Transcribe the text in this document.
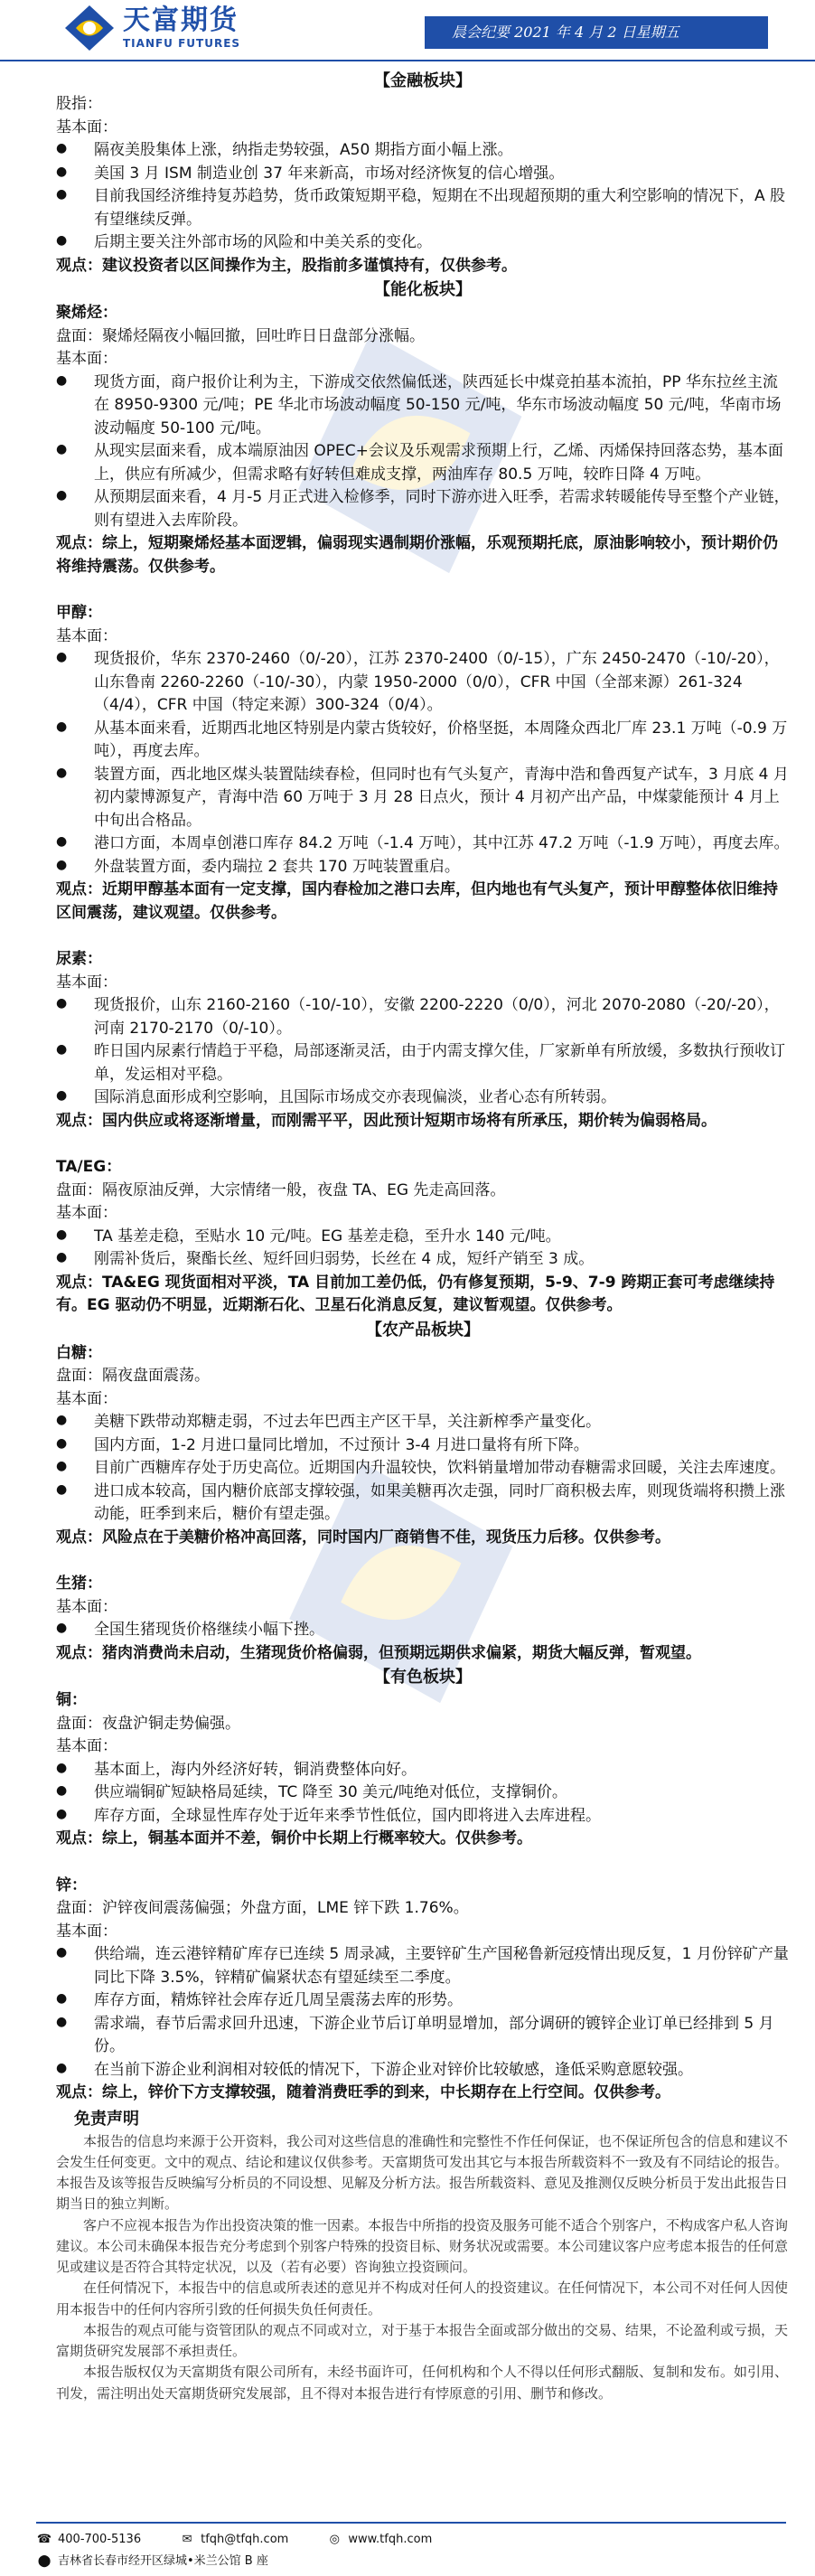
天富期货
TIANFU FUTURES
晨会纪要 2021 年 4 月 2 日星期五
【金融板块】
股指：
基本面：
● 隔夜美股集体上涨，纳指走势较强，A50 期指方面小幅上涨。
● 美国 3 月 ISM 制造业创 37 年来新高，市场对经济恢复的信心增强。
● 目前我国经济维持复苏趋势，货币政策短期平稳，短期在不出现超预期的重大利空影响的情况下，A 股有望继续反弹。
● 后期主要关注外部市场的风险和中美关系的变化。
观点：建议投资者以区间操作为主，股指前多谨慎持有，仅供参考。
【能化板块】
聚烯烃：
盘面：聚烯烃隔夜小幅回撤，回吐昨日日盘部分涨幅。
基本面：
● 现货方面，商户报价让利为主，下游成交依然偏低迷，陕西延长中煤竞拍基本流拍，PP 华东拉丝主流在 8950-9300 元/吨；PE 华北市场波动幅度 50-150 元/吨，华东市场波动幅度 50 元/吨，华南市场波动幅度 50-100 元/吨。
● 从现实层面来看，成本端原油因 OPEC+会议及乐观需求预期上行，乙烯、丙烯保持回落态势，基本面上，供应有所减少，但需求略有好转但难成支撑，两油库存 80.5 万吨，较昨日降 4 万吨。
● 从预期层面来看，4 月-5 月正式进入检修季，同时下游亦进入旺季，若需求转暖能传导至整个产业链，则有望进入去库阶段。
观点：综上，短期聚烯烃基本面逻辑，偏弱现实遇制期价涨幅，乐观预期托底，原油影响较小，预计期价仍将维持震荡。仅供参考。
甲醇：
基本面：
● 现货报价，华东 2370-2460（0/-20），江苏 2370-2400（0/-15），广东 2450-2470（-10/-20），山东鲁南 2260-2260（-10/-30），内蒙 1950-2000（0/0），CFR 中国（全部来源）261-324（4/4），CFR 中国（特定来源）300-324（0/4）。
● 从基本面来看，近期西北地区特别是内蒙古货较好，价格坚挺，本周隆众西北厂库 23.1 万吨（-0.9 万吨），再度去库。
● 装置方面，西北地区煤头装置陆续春检，但同时也有气头复产，青海中浩和鲁西复产试车，3 月底 4 月初内蒙博源复产，青海中浩 60 万吨于 3 月 28 日点火，预计 4 月初产出产品，中煤蒙能预计 4 月上中旬出合格品。
● 港口方面，本周卓创港口库存 84.2 万吨（-1.4 万吨），其中江苏 47.2 万吨（-1.9 万吨），再度去库。
● 外盘装置方面，委内瑞拉 2 套共 170 万吨装置重启。
观点：近期甲醇基本面有一定支撑，国内春检加之港口去库，但内地也有气头复产，预计甲醇整体依旧维持区间震荡，建议观望。仅供参考。
尿素：
基本面：
● 现货报价，山东 2160-2160（-10/-10），安徽 2200-2220（0/0），河北 2070-2080（-20/-20），河南 2170-2170（0/-10）。
● 昨日国内尿素行情趋于平稳，局部逐渐灵活，由于内需支撑欠佳，厂家新单有所放缓，多数执行预收订单，发运相对平稳。
● 国际消息面形成利空影响，且国际市场成交亦表现偏淡，业者心态有所转弱。
观点：国内供应或将逐渐增量，而刚需平平，因此预计短期市场将有所承压，期价转为偏弱格局。
TA/EG：
盘面：隔夜原油反弹，大宗情绪一般，夜盘 TA、EG 先走高回落。
基本面：
● TA 基差走稳，至贴水 10 元/吨。EG 基差走稳，至升水 140 元/吨。
● 刚需补货后，聚酯长丝、短纤回归弱势，长丝在 4 成，短纤产销至 3 成。
观点：TA&EG 现货面相对平淡，TA 目前加工差仍低，仍有修复预期，5-9、7-9 跨期正套可考虑继续持有。EG 驱动仍不明显，近期渐石化、卫星石化消息反复，建议暂观望。仅供参考。
【农产品板块】
白糖：
盘面：隔夜盘面震荡。
基本面：
● 美糖下跌带动郑糖走弱，不过去年巴西主产区干旱，关注新榨季产量变化。
● 国内方面，1-2 月进口量同比增加，不过预计 3-4 月进口量将有所下降。
● 目前广西糖库存处于历史高位。近期国内升温较快，饮料销量增加带动春糖需求回暖，关注去库速度。
● 进口成本较高，国内糖价底部支撑较强，如果美糖再次走强，同时厂商积极去库，则现货端将积攒上涨动能，旺季到来后，糖价有望走强。
观点：风险点在于美糖价格冲高回落，同时国内厂商销售不佳，现货压力后移。仅供参考。
生猪：
基本面：
● 全国生猪现货价格继续小幅下挫。
观点：猪肉消费尚未启动，生猪现货价格偏弱，但预期远期供求偏紧，期货大幅反弹，暂观望。
【有色板块】
铜：
盘面：夜盘沪铜走势偏强。
基本面：
● 基本面上，海内外经济好转，铜消费整体向好。
● 供应端铜矿短缺格局延续，TC 降至 30 美元/吨绝对低位，支撑铜价。
● 库存方面，全球显性库存处于近年来季节性低位，国内即将进入去库进程。
观点：综上，铜基本面并不差，铜价中长期上行概率较大。仅供参考。
锌：
盘面：沪锌夜间震荡偏强；外盘方面，LME 锌下跌 1.76%。
基本面：
● 供给端，连云港锌精矿库存已连续 5 周录减，主要锌矿生产国秘鲁新冠疫情出现反复，1 月份锌矿产量同比下降 3.5%，锌精矿偏紧状态有望延续至二季度。
● 库存方面，精炼锌社会库存近几周呈震荡去库的形势。
● 需求端，春节后需求回升迅速，下游企业节后订单明显增加，部分调研的镀锌企业订单已经排到 5 月份。
● 在当前下游企业利润相对较低的情况下，下游企业对锌价比较敏感，逢低采购意愿较强。
观点：综上，锌价下方支撑较强，随着消费旺季的到来，中长期存在上行空间。仅供参考。
免责声明

本报告的信息均来源于公开资料，我公司对这些信息的准确性和完整性不作任何保证，也不保证所包含的信息和建议不会发生任何变更。文中的观点、结论和建议仅供参考。天富期货可发出其它与本报告所载资料不一致及有不同结论的报告。本报告及该等报告反映编写分析员的不同设想、见解及分析方法。报告所载资料、意见及推测仅反映分析员于发出此报告日期当日的独立判断。

客户不应视本报告为作出投资决策的惟一因素。本报告中所指的投资及服务可能不适合个别客户，不构成客户私人咨询建议。本公司未确保本报告充分考虑到个别客户特殊的投资目标、财务状况或需要。本公司建议客户应考虑本报告的任何意见或建议是否符合其特定状况，以及（若有必要）咨询独立投资顾问。

在任何情况下，本报告中的信息或所表述的意见并不构成对任何人的投资建议。在任何情况下，本公司不对任何人因使用本报告中的任何内容所引致的任何损失负任何责任。

本报告的观点可能与资管团队的观点不同或对立，对于基于本报告全面或部分做出的交易、结果，不论盈利或亏损，天富期货研究发展部不承担责任。

本报告版权仅为天富期货有限公司所有，未经书面许可，任何机构和个人不得以任何形式翻版、复制和发布。如引用、刊发，需注明出处天富期货研究发展部，且不得对本报告进行有悖原意的引用、删节和修改。

☎ 400-700-5136	✉ tfqh@tfqh.com	◎ www.tfqh.com
⬤ 吉林省长春市经开区绿城•米兰公馆 B 座
